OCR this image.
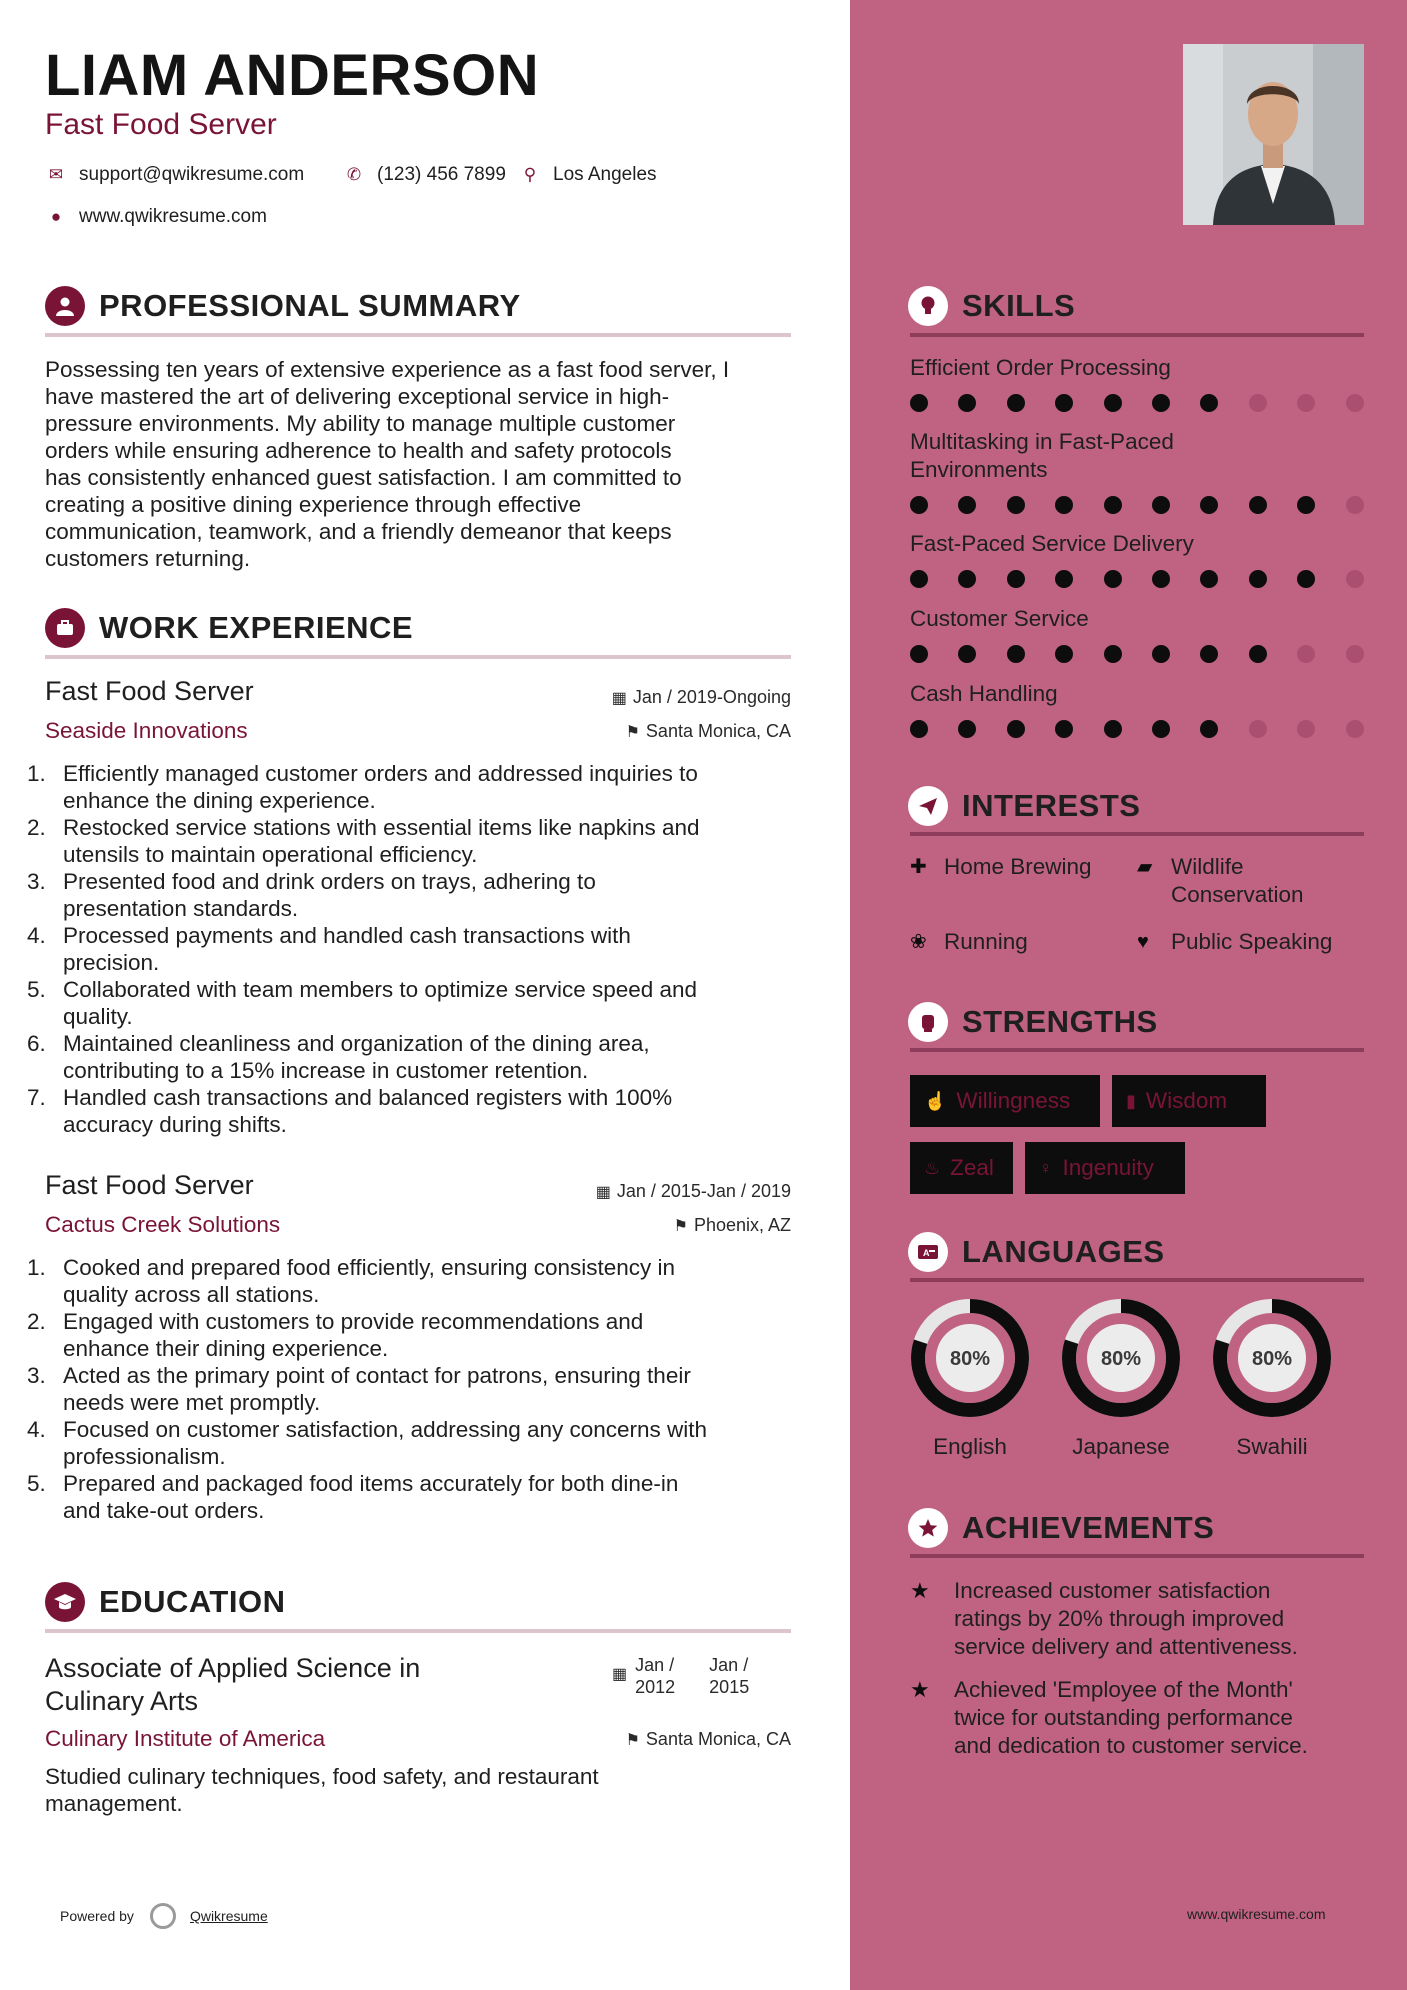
LIAM ANDERSON
Fast Food Server
✉ support@qwikresume.com	✆ (123) 456 7899 ⚲ Los Angeles
● www.qwikresume.com
PROFESSIONAL SUMMARY
Possessing ten years of extensive experience as a fast food server, I
have mastered the art of delivering exceptional service in high-
pressure environments. My ability to manage multiple customer
orders while ensuring adherence to health and safety protocols
has consistently enhanced guest satisfaction. I am committed to
creating a positive dining experience through effective
communication, teamwork, and a friendly demeanor that keeps
customers returning.
WORK EXPERIENCE
Fast Food Server	▦ Jan / 2019-Ongoing
Seaside Innovations	⚑ Santa Monica, CA
1. Efficiently managed customer orders and addressed inquiries to
enhance the dining experience.
2. Restocked service stations with essential items like napkins and
utensils to maintain operational efficiency.
3. Presented food and drink orders on trays, adhering to
presentation standards.
4. Processed payments and handled cash transactions with
precision.
5. Collaborated with team members to optimize service speed and
quality.
6. Maintained cleanliness and organization of the dining area,
contributing to a 15% increase in customer retention.
7. Handled cash transactions and balanced registers with 100%
accuracy during shifts.
Fast Food Server	▦ Jan / 2015-Jan / 2019
Cactus Creek Solutions	⚑ Phoenix, AZ
1. Cooked and prepared food efficiently, ensuring consistency in
quality across all stations.
2. Engaged with customers to provide recommendations and
enhance their dining experience.
3. Acted as the primary point of contact for patrons, ensuring their
needs were met promptly.
4. Focused on customer satisfaction, addressing any concerns with
professionalism.
5. Prepared and packaged food items accurately for both dine-in
and take-out orders.
EDUCATION
Associate of Applied Science in
Culinary Arts
▦ Jan /
2012
Jan /
2015
Culinary Institute of America	⚑ Santa Monica, CA
Studied culinary techniques, food safety, and restaurant
management.
Powered by	Qwikresume
SKILLS
Efficient Order Processing
Multitasking in Fast-Paced
Environments
Fast-Paced Service Delivery
Customer Service
Cash Handling
INTERESTS
✚ Home Brewing ▰ Wildlife
Conservation
❀ Running	♥ Public Speaking
STRENGTHS
☝ Willingness	▮ Wisdom
♨ Zeal	♀ Ingenuity
A LANGUAGES
80%
English
80%
Japanese
80%
Swahili
ACHIEVEMENTS
★	Increased customer satisfaction
ratings by 20% through improved
service delivery and attentiveness.
★	Achieved 'Employee of the Month'
twice for outstanding performance
and dedication to customer service.
www.qwikresume.com
